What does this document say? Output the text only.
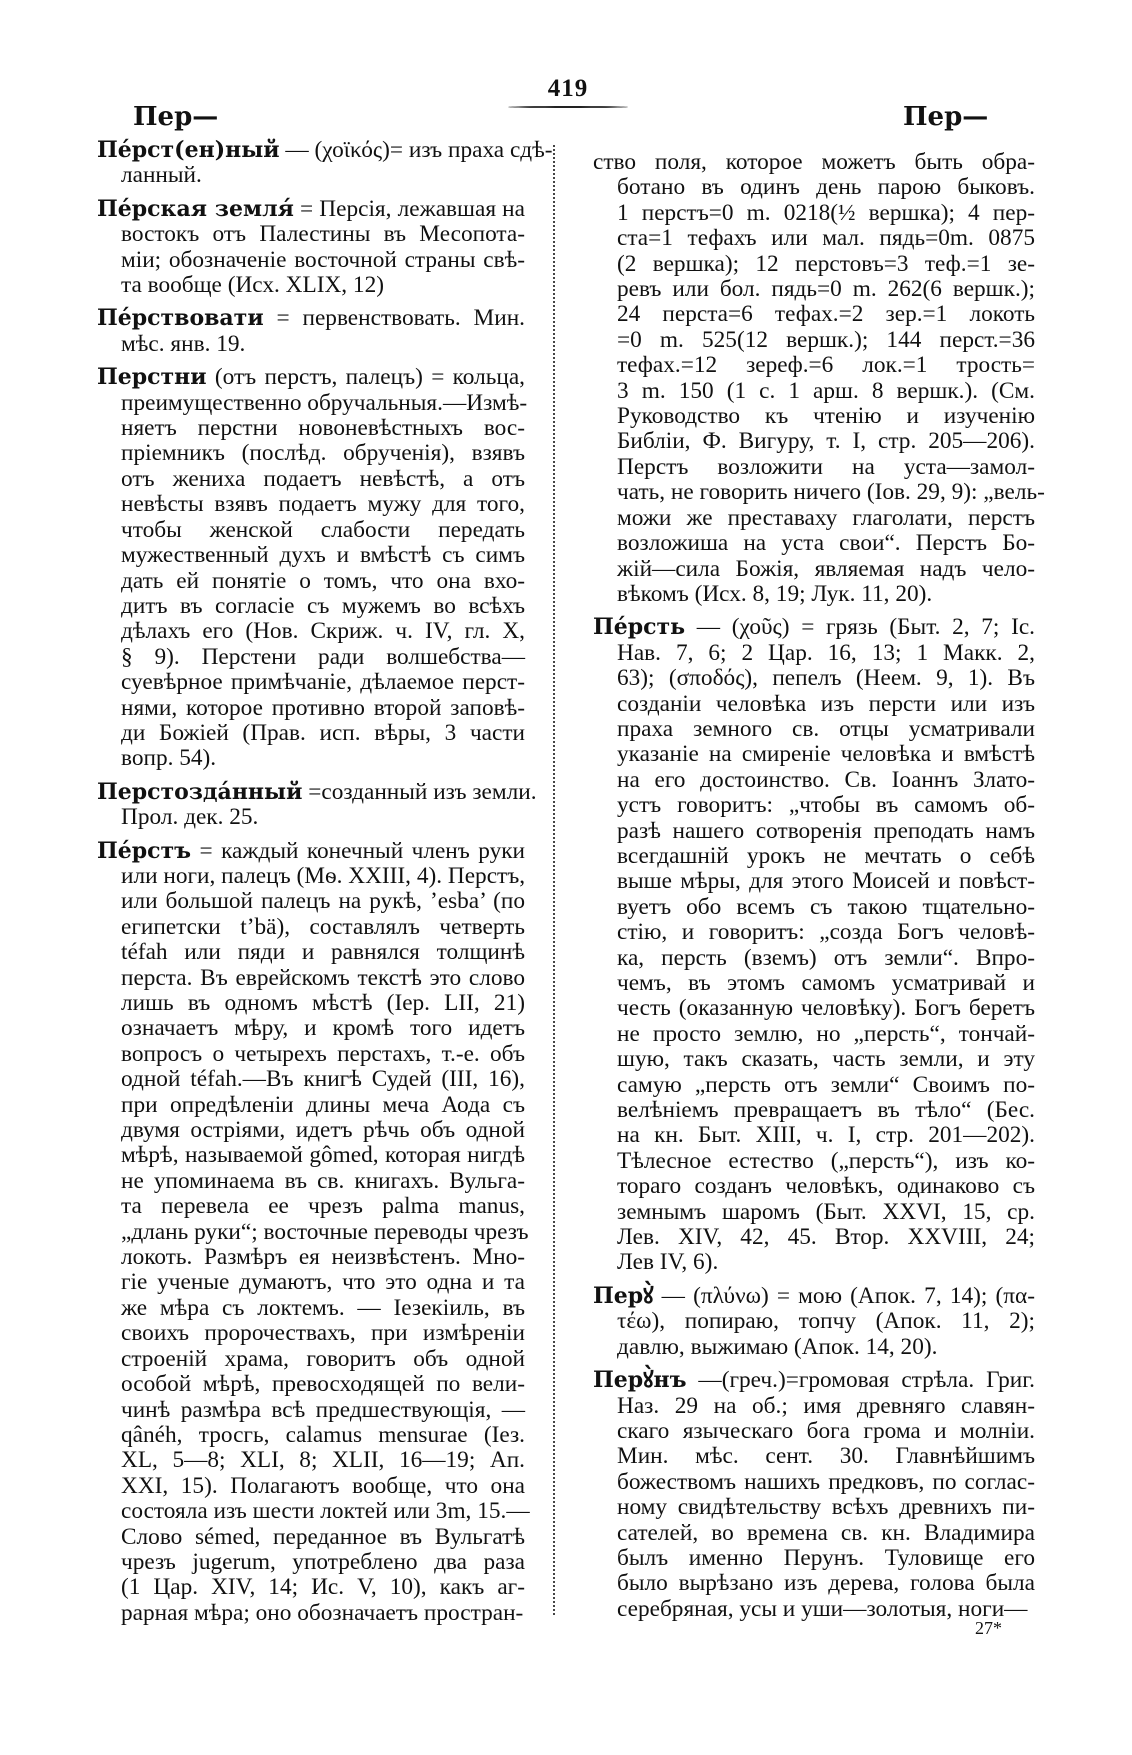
Пер—
419
Пер—
Пе́рст(ен)ный — (χοϊκός)= изъ праха сдѣ-
ланный.
Пе́рская земля́ = Персія, лежавшая на
востокъ отъ Палестины въ Месопота-
міи; обозначеніе восточной страны свѣ-
та вообще (Исх. XLIX, 12)
Пе́рствовати = первенствовать. Мин.
мѣс. янв. 19.
Перстни (отъ перстъ, палецъ) = кольца,
преимущественно обручальныя.—Измѣ-
няетъ перстни новоневѣстныхъ вос-
пріемникъ (послѣд. обрученія), взявъ
отъ жениха подаетъ невѣстѣ, а отъ
невѣсты взявъ подаетъ мужу для того,
чтобы женской слабости передать
мужественный духъ и вмѣстѣ съ симъ
дать ей понятіе о томъ, что она вхо-
дитъ въ согласіе съ мужемъ во всѣхъ
дѣлахъ его (Нов. Скриж. ч. IV, гл. X,
§ 9). Перстени ради волшебства—
суевѣрное примѣчаніе, дѣлаемое перст-
нями, которое противно второй заповѣ-
ди Божіей (Прав. исп. вѣры, 3 части
вопр. 54).
Перстозда́нный =созданный изъ земли.
Прол. дек. 25.
Пе́рстъ = каждый конечный членъ руки
или ноги, палецъ (Мѳ. XXIII, 4). Перстъ,
или большой палецъ на рукѣ, ’esba’ (по
египетски t’bä), составлялъ четверть
téfah или пяди и равнялся толщинѣ
перста. Въ еврейскомъ текстѣ это слово
лишь въ одномъ мѣстѣ (Іер. LII, 21)
означаетъ мѣру, и кромѣ того идетъ
вопросъ о четырехъ перстахъ, т.-е. объ
одной téfah.—Въ книгѣ Судей (III, 16),
при опредѣленіи длины меча Аода съ
двумя остріями, идетъ рѣчь объ одной
мѣрѣ, называемой gômed, которая нигдѣ
не упоминаема въ св. книгахъ. Вульга-
та перевела ее чрезъ palma manus,
„длань руки“; восточные переводы чрезъ
локоть. Размѣръ ея неизвѣстенъ. Мно-
гіе ученые думаютъ, что это одна и та
же мѣра съ локтемъ. — Іезекіиль, въ
своихъ пророчествахъ, при измѣреніи
строеній храма, говоритъ объ одной
особой мѣрѣ, превосходящей по вели-
чинѣ размѣра всѣ предшествующія, —
qânéh, тросгь, calamus mensurae (Іез.
XL, 5—8; XLI, 8; XLII, 16—19; Ап.
XXI, 15). Полагаютъ вообще, что она
состояла изъ шести локтей или 3m, 15.—
Слово sémed, переданное въ Вульгатѣ
чрезъ jugerum, употреблено два раза
(1 Цар. XIV, 14; Ис. V, 10), какъ аг-
рарная мѣра; оно обозначаетъ простран-
ство поля, которое можетъ быть обра-
ботано въ одинъ день парою быковъ.
1 перстъ=0 m. 0218(½ вершка); 4 пер-
ста=1 тефахъ или мал. пядь=0m. 0875
(2 вершка); 12 перстовъ=3 теф.=1 зе-
ревъ или бол. пядь=0 m. 262(6 вершк.);
24 перста=6 тефах.=2 зер.=1 локоть
=0 m. 525(12 вершк.); 144 перст.=36
тефах.=12 зерeф.=6 лок.=1 трость=
3 m. 150 (1 с. 1 арш. 8 вершк.). (См.
Руководство къ чтенію и изученію
Библіи, Ф. Вигуру, т. I, стр. 205—206).
Перстъ возложити на уста—замол-
чать, не говорить ничего (Іов. 29, 9): „вель-
можи же преставаху глаголати, перстъ
возложиша на уста свои“. Перстъ Бо-
жій—сила Божія, являемая надъ чело-
вѣкомъ (Исх. 8, 19; Лук. 11, 20).
Пе́рсть — (χοῦς) = грязь (Быт. 2, 7; Іс.
Нав. 7, 6; 2 Цар. 16, 13; 1 Макк. 2,
63); (σποδός), пепелъ (Неем. 9, 1). Въ
созданіи человѣка изъ персти или изъ
праха земного св. отцы усматривали
указаніе на смиреніе человѣка и вмѣстѣ
на его достоинство. Св. Іоаннъ Злато-
устъ говоритъ: „чтобы въ самомъ об-
разѣ нашего сотворенія преподать намъ
всегдашній урокъ не мечтать о себѣ
выше мѣры, для этого Моисей и повѣст-
вуетъ обо всемъ съ такою тщательно-
стію, и говоритъ: „созда Богъ человѣ-
ка, персть (вземъ) отъ земли“. Впро-
чемъ, въ этомъ самомъ усматривай и
честь (оказанную человѣку). Богъ беретъ
не просто землю, но „персть“, тончай-
шую, такъ сказать, часть земли, и эту
самую „персть отъ земли“ Своимъ по-
велѣніемъ превращаетъ въ тѣло“ (Бес.
на кн. Быт. XIII, ч. I, стр. 201—202).
Тѣлесное естество („персть“), изъ ко-
тораго созданъ человѣкъ, одинаково съ
земнымъ шаромъ (Быт. XXVI, 15, ср.
Лев. XIV, 42, 45. Втор. XXVIII, 24;
Лев IV, 6).
Перꙋ̀ — (πλύνω) = мою (Апок. 7, 14); (πα-
τέω), попираю, топчу (Апок. 11, 2);
давлю, выжимаю (Апок. 14, 20).
Перꙋ̀нъ —(греч.)=громовая стрѣла. Григ.
Наз. 29 на об.; имя древняго славян-
скаго языческаго бога грома и молніи.
Мин. мѣс. сент. 30. Главнѣйшимъ
божествомъ нашихъ предковъ, по соглас-
ному свидѣтельству всѣхъ древнихъ пи-
сателей, во времена св. кн. Владимира
былъ именно Перунъ. Туловище его
было вырѣзано изъ дерева, голова была
серебряная, усы и уши—золотыя, ноги—
27*
